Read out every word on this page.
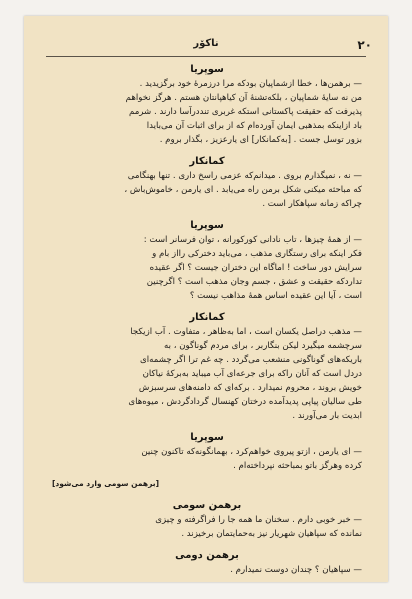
۲۰
ناكۆر
سوپریا
— برهمن‌ها ، خطا ازشماپیان بودكه مرا درزمرهٔ خود برگزیدید .
من نه سایهٔ شماپیان ، بلكه‌تشنهٔ آن كیاهپانتان هستم . هرگز نخواهم
پذیرفت كه حقیقت پاكستانی استكه غربری تنددرآسا دارند . شرمم
باد ازاینكه بمذهبی ایمان آورده‌ام كه از برای اثبات آن می‌بایدا
بزور توسل جست . [به‌كمانكار] ای یارعزیز ، بگذار بروم .
كمانكار
— نه ، نمیگذارم بروی . میدانم‌كه عزمی راسخ داری . تنها بهنگامی
كه مباحثه میكنی شكل برمن راه می‌یابد . ای یارمن ، خاموش‌باش ،
چراكه زمانه سپاهكار است .
سوپریا
— از همهٔ چیزها ، تاب نادانی كوركورانه ، توان فرسانر است :
فكر اینكه برای رستگاری مذهب ، می‌باید دختركی را‌از بام و
سرایش دور ساخت ! اما‌گاه این دختران جیست ؟ اگر عقیده
تداردكه حقیقت و عشق ، جسم وجان مذهب است ؟ اگرچنین
است ، آیا این عقیده اساس همهٔ مذاهب نیست ؟
كمانكار
— مذهب دراصل یكسان است ، اما به‌ظاهر ، متفاوت . آب ازیكجا
سرچشمه میگیرد لیكن بنگاربر ، برای مردم گوناگون ، به
باریكه‌های گوناگونی منشعب می‌گردد . چه غم ترا اگر چشمه‌ای
دردل است كه آنان راكه برای جرعه‌ای آب میباید به‌بركهٔ نیاكان
خویش بروند ، محروم نمیدارد . بركه‌ای كه دامنه‌های سرسبزش
طی سالیان پیاپی پدیدآمده درختان كهنسال گردادگردش ، میوه‌های
ابدیت بار می‌آورند .
سوپریا
— ای یارمن ، ازتو پیروی خواهم‌كرد ، بهمانگونه‌كه تاكنون چنین
كرده وهرگز باتو بمباحثه نپرداخته‌ام .
[برهمن سومی وارد می‌شود]
برهمن سومی
— خبر خوبی دارم . سخنان ما همه جا را فراگرفته و چیزی
نمانده كه سپاهیان شهریار نیز به‌حمایتمان برخیزند .
برهمن دومی
— سپاهیان ؟ چندان دوست نمیدارم .
